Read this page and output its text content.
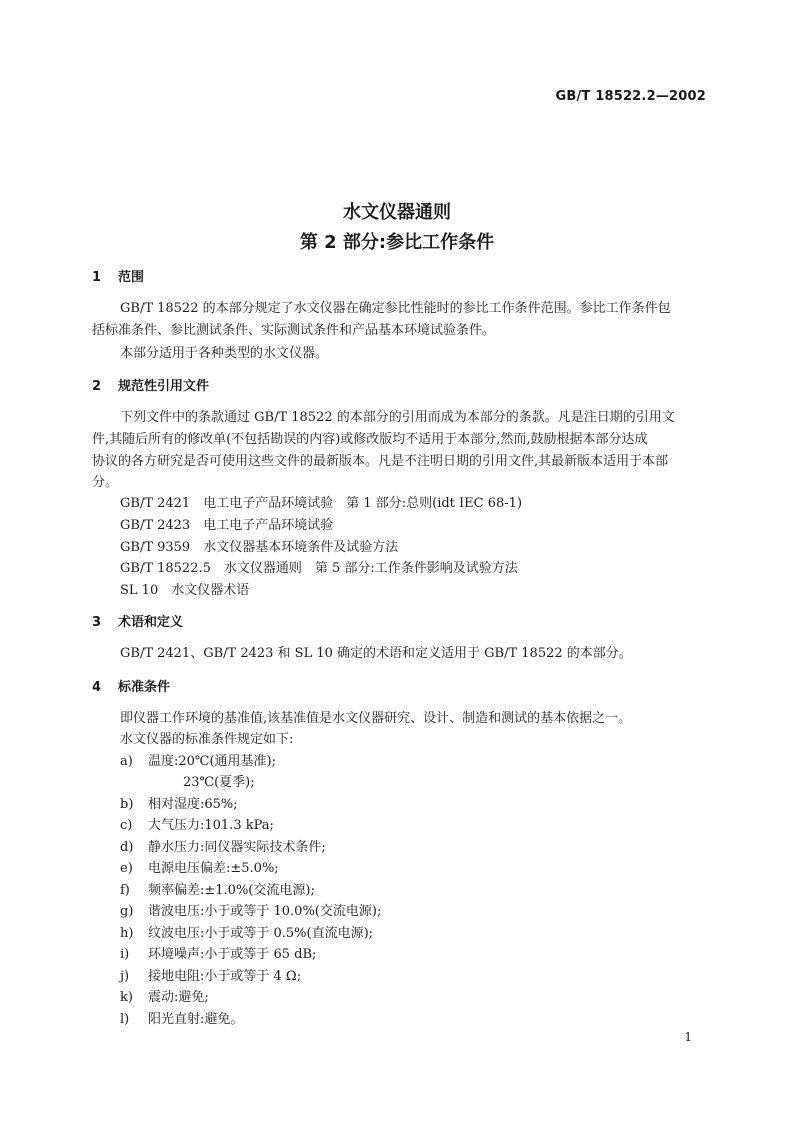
GB/T 18522.2—2002
水文仪器通则
第 2 部分:参比工作条件
1 范围
GB/T 18522 的本部分规定了水文仪器在确定参比性能时的参比工作条件范围。参比工作条件包
括标准条件、参比测试条件、实际测试条件和产品基本环境试验条件。
本部分适用于各种类型的水文仪器。
2 规范性引用文件
下列文件中的条款通过 GB/T 18522 的本部分的引用而成为本部分的条款。凡是注日期的引用文
件,其随后所有的修改单(不包括勘误的内容)或修改版均不适用于本部分,然而,鼓励根据本部分达成
协议的各方研究是否可使用这些文件的最新版本。凡是不注明日期的引用文件,其最新版本适用于本部
分。
GB/T 2421　电工电子产品环境试验　第 1 部分:总则(idt IEC 68-1)
GB/T 2423　电工电子产品环境试验
GB/T 9359　水文仪器基本环境条件及试验方法
GB/T 18522.5　水文仪器通则　第 5 部分:工作条件影响及试验方法
SL 10　水文仪器术语
3 术语和定义
GB/T 2421、GB/T 2423 和 SL 10 确定的术语和定义适用于 GB/T 18522 的本部分。
4 标准条件
即仪器工作环境的基准值,该基准值是水文仪器研究、设计、制造和测试的基本依据之一。
水文仪器的标准条件规定如下:
a) 温度:20℃(通用基准);
23℃(夏季);
b) 相对湿度:65%;
c) 大气压力:101.3 kPa;
d) 静水压力:同仪器实际技术条件;
e) 电源电压偏差:±5.0%;
f) 频率偏差:±1.0%(交流电源);
g) 谐波电压:小于或等于 10.0%(交流电源);
h) 纹波电压:小于或等于 0.5%(直流电源);
i) 环境噪声:小于或等于 65 dB;
j) 接地电阻:小于或等于 4 Ω;
k) 震动:避免;
l) 阳光直射:避免。
1
